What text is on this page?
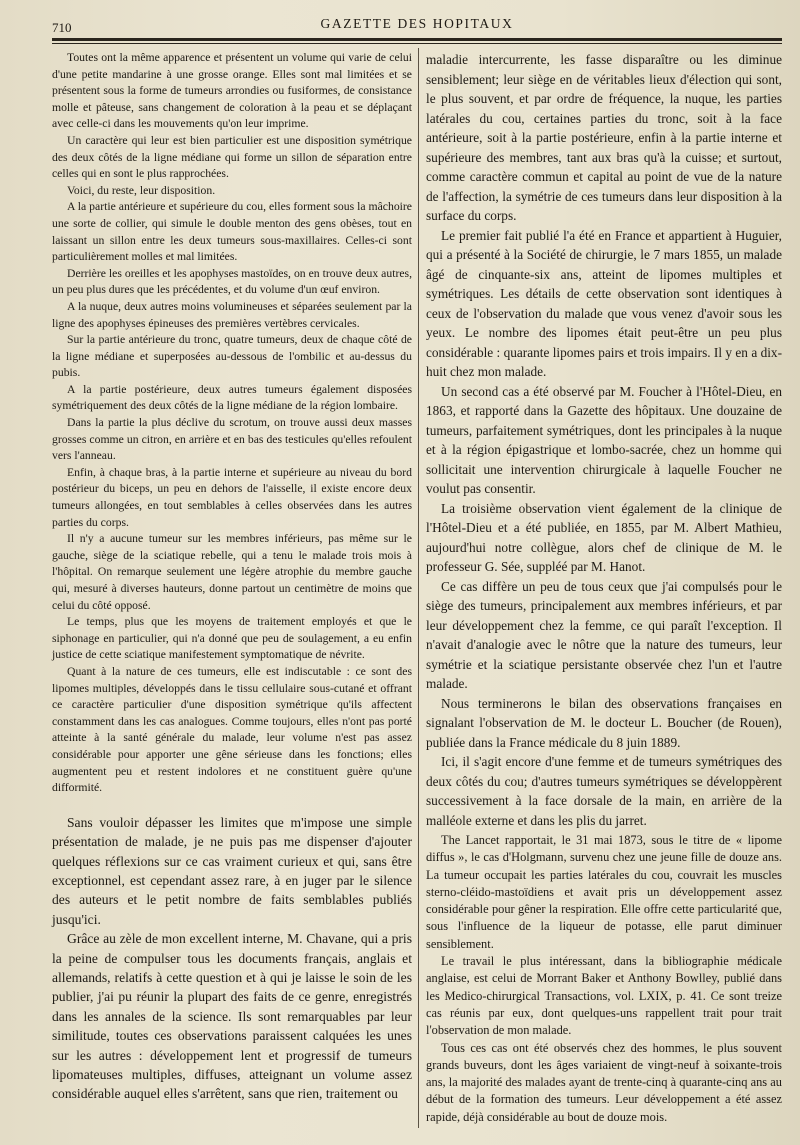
710	GAZETTE DES HOPITAUX

Toutes ont la même apparence et présentent un volume qui varie de celui d'une petite mandarine à une grosse orange. Elles sont mal limitées et se présentent sous la forme de tumeurs arrondies ou fusiformes, de consistance molle et pâteuse, sans changement de coloration à la peau et se déplaçant avec celle-ci dans les mouvements qu'on leur imprime.

Un caractère qui leur est bien particulier est une disposition symétrique des deux côtés de la ligne médiane qui forme un sillon de séparation entre celles qui en sont le plus rapprochées.

Voici, du reste, leur disposition.

A la partie antérieure et supérieure du cou, elles forment sous la mâchoire une sorte de collier, qui simule le double menton des gens obèses, tout en laissant un sillon entre les deux tumeurs sous-maxillaires. Celles-ci sont particulièrement molles et mal limitées.

Derrière les oreilles et les apophyses mastoïdes, on en trouve deux autres, un peu plus dures que les précédentes, et du volume d'un œuf environ.

A la nuque, deux autres moins volumineuses et séparées seulement par la ligne des apophyses épineuses des premières vertèbres cervicales.

Sur la partie antérieure du tronc, quatre tumeurs, deux de chaque côté de la ligne médiane et superposées au-dessous de l'ombilic et au-dessus du pubis.

A la partie postérieure, deux autres tumeurs également disposées symétriquement des deux côtés de la ligne médiane de la région lombaire.

Dans la partie la plus déclive du scrotum, on trouve aussi deux masses grosses comme un citron, en arrière et en bas des testicules qu'elles refoulent vers l'anneau.

Enfin, à chaque bras, à la partie interne et supérieure au niveau du bord postérieur du biceps, un peu en dehors de l'aisselle, il existe encore deux tumeurs allongées, en tout semblables à celles observées dans les autres parties du corps.

Il n'y a aucune tumeur sur les membres inférieurs, pas même sur le gauche, siège de la sciatique rebelle, qui a tenu le malade trois mois à l'hôpital. On remarque seulement une légère atrophie du membre gauche qui, mesuré à diverses hauteurs, donne partout un centimètre de moins que celui du côté opposé.

Le temps, plus que les moyens de traitement employés et que le siphonage en particulier, qui n'a donné que peu de soulagement, a eu enfin justice de cette sciatique manifestement symptomatique de névrite.

Quant à la nature de ces tumeurs, elle est indiscutable : ce sont des lipomes multiples, développés dans le tissu cellulaire sous-cutané et offrant ce caractère particulier d'une disposition symétrique qu'ils affectent constamment dans les cas analogues. Comme toujours, elles n'ont pas porté atteinte à la santé générale du malade, leur volume n'est pas assez considérable pour apporter une gêne sérieuse dans les fonctions; elles augmentent peu et restent indolores et ne constituent guère qu'une difformité.

Sans vouloir dépasser les limites que m'impose une simple présentation de malade, je ne puis pas me dispenser d'ajouter quelques réflexions sur ce cas vraiment curieux et qui, sans être exceptionnel, est cependant assez rare, à en juger par le silence des auteurs et le petit nombre de faits semblables publiés jusqu'ici.

Grâce au zèle de mon excellent interne, M. Chavane, qui a pris la peine de compulser tous les documents français, anglais et allemands, relatifs à cette question et à qui je laisse le soin de les publier, j'ai pu réunir la plupart des faits de ce genre, enregistrés dans les annales de la science. Ils sont remarquables par leur similitude, toutes ces observations paraissent calquées les unes sur les autres : développement lent et progressif de tumeurs lipomateuses multiples, diffuses, atteignant un volume assez considérable auquel elles s'arrêtent, sans que rien, traitement ou

maladie intercurrente, les fasse disparaître ou les diminue sensiblement; leur siège en de véritables lieux d'élection qui sont, le plus souvent, et par ordre de fréquence, la nuque, les parties latérales du cou, certaines parties du tronc, soit à la face antérieure, soit à la partie postérieure, enfin à la partie interne et supérieure des membres, tant aux bras qu'à la cuisse; et surtout, comme caractère commun et capital au point de vue de la nature de l'affection, la symétrie de ces tumeurs dans leur disposition à la surface du corps.

Le premier fait publié l'a été en France et appartient à Huguier, qui a présenté à la Société de chirurgie, le 7 mars 1855, un malade âgé de cinquante-six ans, atteint de lipomes multiples et symétriques. Les détails de cette observation sont identiques à ceux de l'observation du malade que vous venez d'avoir sous les yeux. Le nombre des lipomes était peut-être un peu plus considérable : quarante lipomes pairs et trois impairs. Il y en a dix-huit chez mon malade.

Un second cas a été observé par M. Foucher à l'Hôtel-Dieu, en 1863, et rapporté dans la Gazette des hôpitaux. Une douzaine de tumeurs, parfaitement symétriques, dont les principales à la nuque et à la région épigastrique et lombo-sacrée, chez un homme qui sollicitait une intervention chirurgicale à laquelle Foucher ne voulut pas consentir.

La troisième observation vient également de la clinique de l'Hôtel-Dieu et a été publiée, en 1855, par M. Albert Mathieu, aujourd'hui notre collègue, alors chef de clinique de M. le professeur G. Sée, suppléé par M. Hanot.

Ce cas diffère un peu de tous ceux que j'ai compulsés pour le siège des tumeurs, principalement aux membres inférieurs, et par leur développement chez la femme, ce qui paraît l'exception. Il n'avait d'analogie avec le nôtre que la nature des tumeurs, leur symétrie et la sciatique persistante observée chez l'un et l'autre malade.

Nous terminerons le bilan des observations françaises en signalant l'observation de M. le docteur L. Boucher (de Rouen), publiée dans la France médicale du 8 juin 1889.

Ici, il s'agit encore d'une femme et de tumeurs symétriques des deux côtés du cou; d'autres tumeurs symétriques se développèrent successivement à la face dorsale de la main, en arrière de la malléole externe et dans les plis du jarret.

The Lancet rapportait, le 31 mai 1873, sous le titre de « lipome diffus », le cas d'Holgmann, survenu chez une jeune fille de douze ans. La tumeur occupait les parties latérales du cou, couvrait les muscles sterno-cléido-mastoïdiens et avait pris un développement assez considérable pour gêner la respiration. Elle offre cette particularité que, sous l'influence de la liqueur de potasse, elle parut diminuer sensiblement.

Le travail le plus intéressant, dans la bibliographie médicale anglaise, est celui de Morrant Baker et Anthony Bowlley, publié dans les Medico-chirurgical Transactions, vol. LXIX, p. 41. Ce sont treize cas réunis par eux, dont quelques-uns rappellent trait pour trait l'observation de mon malade.

Tous ces cas ont été observés chez des hommes, le plus souvent grands buveurs, dont les âges variaient de vingt-neuf à soixante-trois ans, la majorité des malades ayant de trente-cinq à quarante-cinq ans au début de la formation des tumeurs. Leur développement a été assez rapide, déjà considérable au bout de douze mois.
